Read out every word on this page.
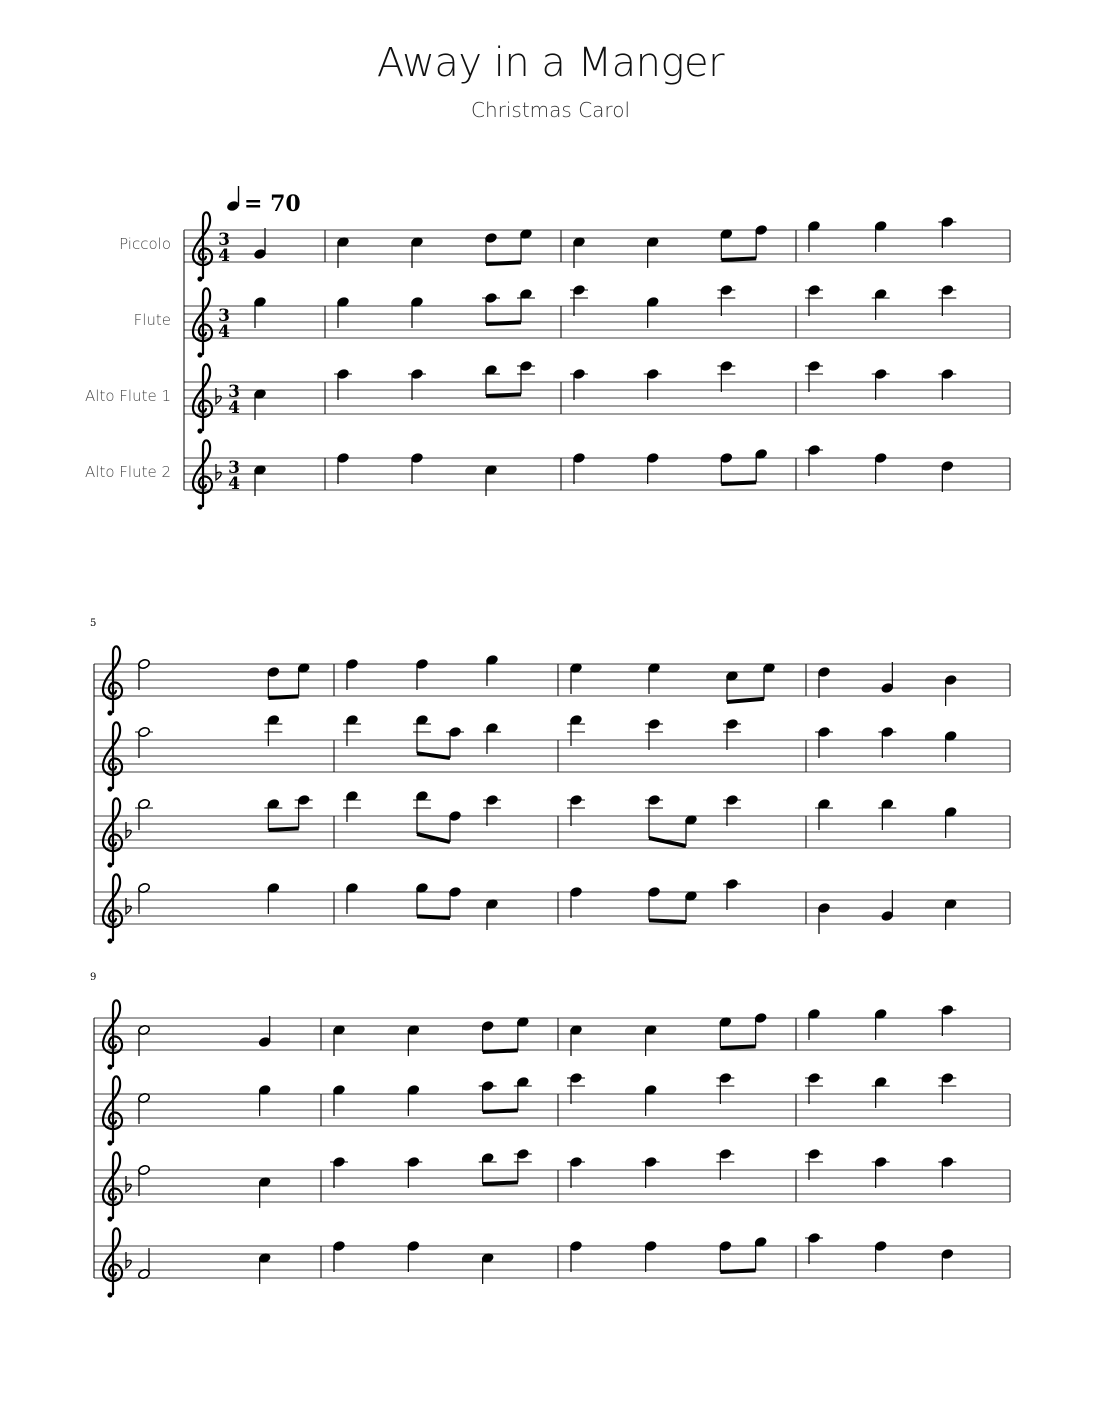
Away in a Manger
Christmas Carol
= 70
Piccolo	3
4
Flute	3
4
Alto Flute 1	3
4
Alto Flute 2	3
4
5
9
